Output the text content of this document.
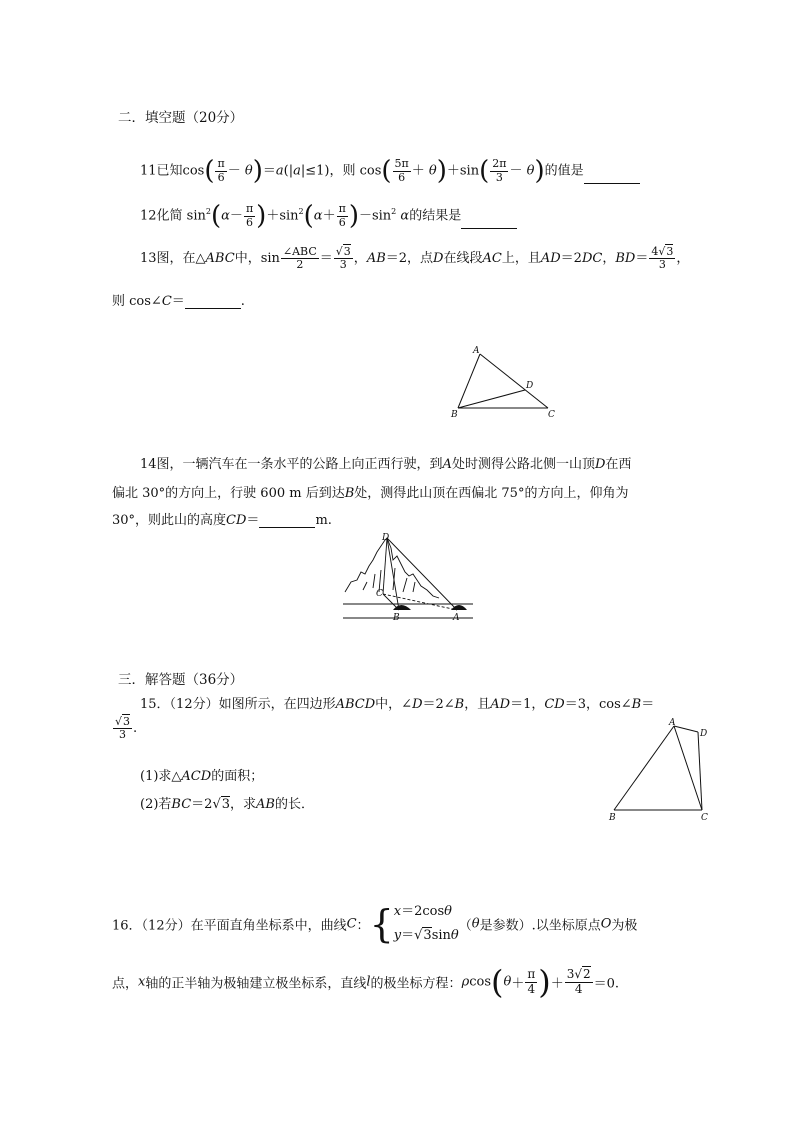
二．填空题（20分）
11已知$\cos( \frac{\pi}{6} - \theta)=a(|a|\le 1)$，则 $\cos( \frac{5\pi}{6} + \theta)+\sin( \frac{2\pi}{3} - \theta)$的值是
12化简 $\sin^2(\alpha- \frac{\pi}{6} )+\sin^2(\alpha+ \frac{\pi}{6} )-\sin^2$ α的结果是
13图，在△ABC中，$\sin \frac{\text{∠ABC}}{2} = \frac{√3}{3}$ ，AB＝2，点D在线段AC上，且AD＝2DC，$BD= \frac{4√3}{3}$ ，
则 cos∠C＝	.
A
B	C
D
14图，一辆汽车在一条水平的公路上向正西行驶，到A处时测得公路北侧一山顶D在西
偏北 30°的方向上，行驶 600 m 后到达B处，测得此山顶在西偏北 75°的方向上，仰角为
30°，则此山的高度CD＝	m.
D
C
B	A
三．解答题（36分）
15．（12分）如图所示，在四边形ABCD中，∠D＝2∠B，且AD＝1，CD＝3，cos∠B＝
$\frac{√3}{3}$ .
(1)求△ACD的面积；
(2)若BC＝2√3，求AB的长．
A
B	C
D
16．（12分）在平面直角坐标系中，曲线C：{ x＝2cosθ
y＝√3sinθ
（θ是参数）.以坐标原点O为极
点，x轴的正半轴为极轴建立极坐标系，直线l的极坐标方程：$\rho\cos(\theta+ \frac{\pi}{4}$ )＋ $\frac{3√2}{4} =0$.
